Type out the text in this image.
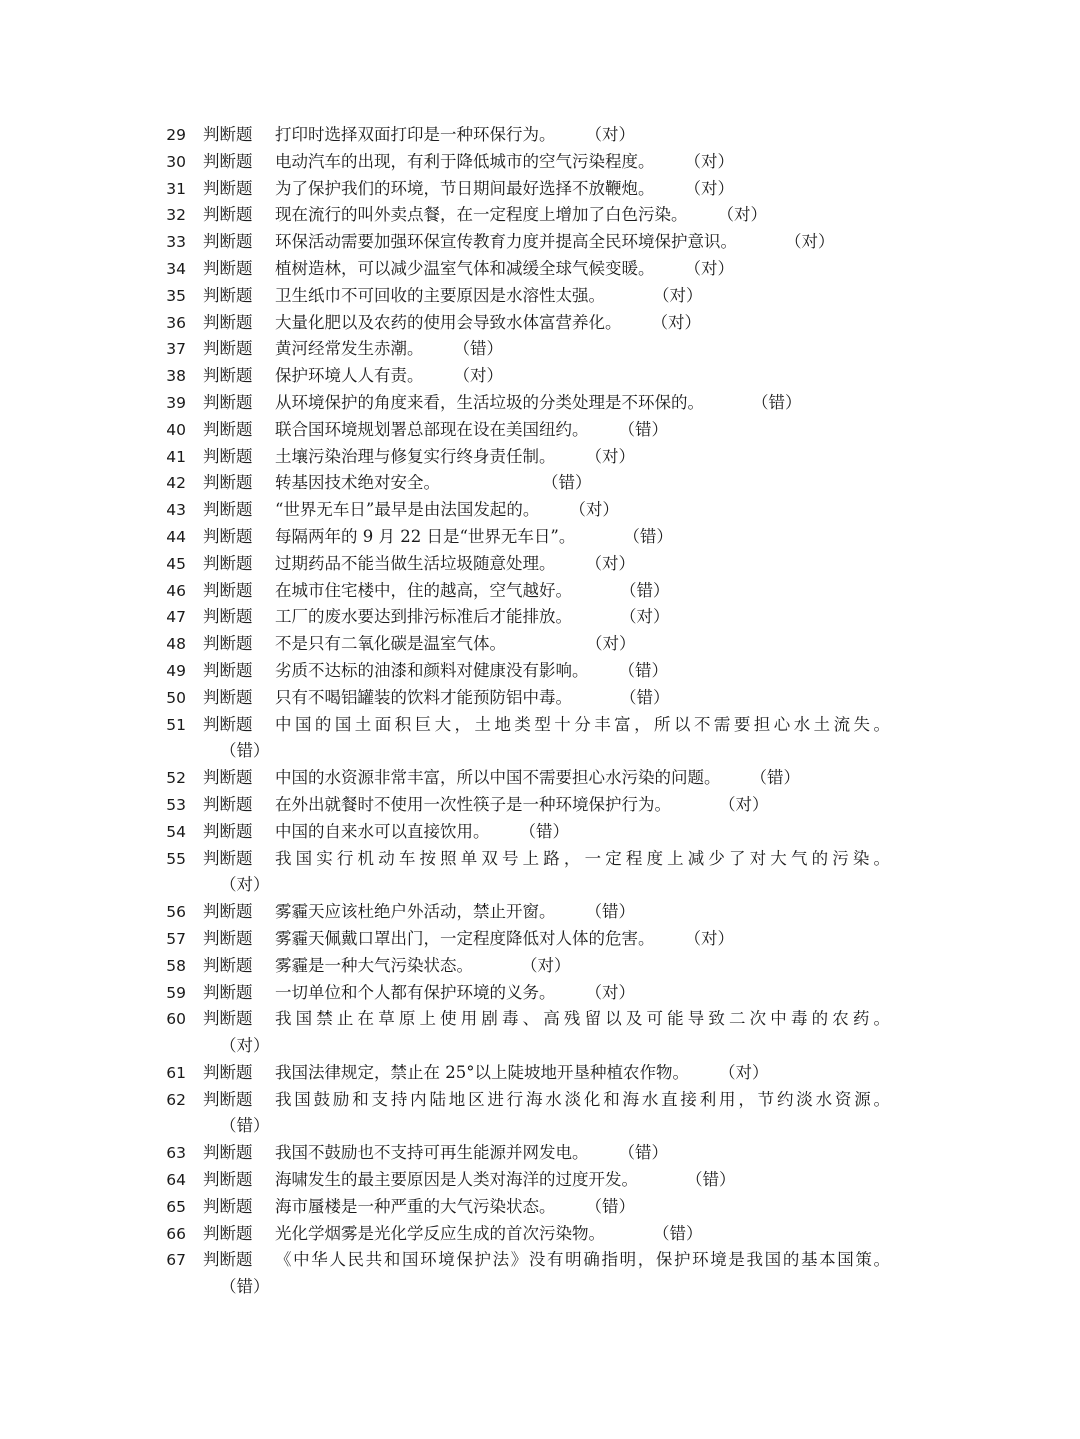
29	判断题	打印时选择双面打印是一种环保行为。 （对）
30	判断题	电动汽车的出现，有利于降低城市的空气污染程度。 （对）
31	判断题	为了保护我们的环境，节日期间最好选择不放鞭炮。 （对）
32	判断题	现在流行的叫外卖点餐，在一定程度上增加了白色污染。 （对）
33	判断题	环保活动需要加强环保宣传教育力度并提高全民环境保护意识。	（对）
34	判断题	植树造林，可以减少温室气体和减缓全球气候变暖。 （对）
35	判断题	卫生纸巾不可回收的主要原因是水溶性太强。	（对）
36	判断题	大量化肥以及农药的使用会导致水体富营养化。 （对）
37	判断题	黄河经常发生赤潮。 （错）
38	判断题	保护环境人人有责。 （对）
39	判断题	从环境保护的角度来看，生活垃圾的分类处理是不环保的。	（错）
40	判断题	联合国环境规划署总部现在设在美国纽约。 （错）
41	判断题	土壤污染治理与修复实行终身责任制。 （对）
42	判断题	转基因技术绝对安全。	（错）
43	判断题	“世界无车日”最早是由法国发起的。 （对）
44	判断题	每隔两年的 9 月 22 日是“世界无车日”。	（错）
45	判断题	过期药品不能当做生活垃圾随意处理。 （对）
46	判断题	在城市住宅楼中，住的越高，空气越好。	（错）
47	判断题	工厂的废水要达到排污标准后才能排放。	（对）
48	判断题	不是只有二氧化碳是温室气体。	（对）
49	判断题	劣质不达标的油漆和颜料对健康没有影响。 （错）
50	判断题	只有不喝铝罐装的饮料才能预防铝中毒。	（错）
51	判断题	中国的国土面积巨大，土地类型十分丰富，所以不需要担心水土流失。
（错）
52	判断题	中国的水资源非常丰富，所以中国不需要担心水污染的问题。 （错）
53	判断题	在外出就餐时不使用一次性筷子是一种环境保护行为。	（对）
54	判断题	中国的自来水可以直接饮用。 （错）
55	判断题	我国实行机动车按照单双号上路，一定程度上减少了对大气的污染。
（对）
56	判断题	雾霾天应该杜绝户外活动，禁止开窗。 （错）
57	判断题	雾霾天佩戴口罩出门，一定程度降低对人体的危害。 （对）
58	判断题	雾霾是一种大气污染状态。	（对）
59	判断题	一切单位和个人都有保护环境的义务。 （对）
60	判断题	我国禁止在草原上使用剧毒、高残留以及可能导致二次中毒的农药。
（对）
61	判断题	我国法律规定，禁止在 25°以上陡坡地开垦种植农作物。 （对）
62	判断题	我国鼓励和支持内陆地区进行海水淡化和海水直接利用，节约淡水资源。
（错）
63	判断题	我国不鼓励也不支持可再生能源并网发电。 （错）
64	判断题	海啸发生的最主要原因是人类对海洋的过度开发。	（错）
65	判断题	海市蜃楼是一种严重的大气污染状态。 （错）
66	判断题	光化学烟雾是光化学反应生成的首次污染物。	（错）
67	判断题	《中华人民共和国环境保护法》没有明确指明，保护环境是我国的基本国策。
（错）
